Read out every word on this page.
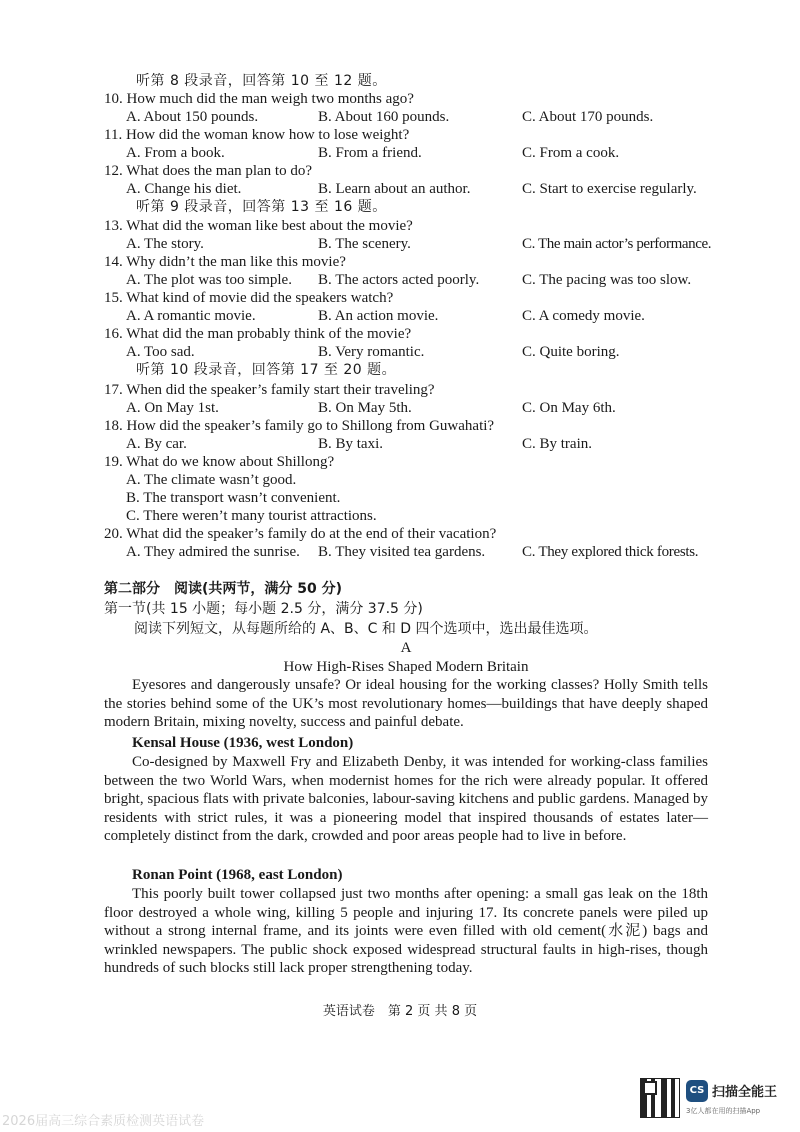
听第 8 段录音，回答第 10 至 12 题。
10. How much did the man weigh two months ago?
A. About 150 pounds.	B. About 160 pounds.	C. About 170 pounds.
11. How did the woman know how to lose weight?
A. From a book.	B. From a friend.	C. From a cook.
12. What does the man plan to do?
A. Change his diet.	B. Learn about an author.	C. Start to exercise regularly.
听第 9 段录音，回答第 13 至 16 题。
13. What did the woman like best about the movie?
A. The story.	B. The scenery.	C. The main actor’s performance.
14. Why didn’t the man like this movie?
A. The plot was too simple. B. The actors acted poorly.	C. The pacing was too slow.
15. What kind of movie did the speakers watch?
A. A romantic movie.	B. An action movie.	C. A comedy movie.
16. What did the man probably think of the movie?
A. Too sad.	B. Very romantic.	C. Quite boring.
听第 10 段录音，回答第 17 至 20 题。
17. When did the speaker’s family start their traveling?
A. On May 1st.	B. On May 5th.	C. On May 6th.
18. How did the speaker’s family go to Shillong from Guwahati?
A. By car.	B. By taxi.	C. By train.
19. What do we know about Shillong?
A. The climate wasn’t good.
B. The transport wasn’t convenient.
C. There weren’t many tourist attractions.
20. What did the speaker’s family do at the end of their vacation?
A. They admired the sunrise. B. They visited tea gardens. C. They explored thick forests.
第二部分　阅读(共两节，满分 50 分)
第一节(共 15 小题；每小题 2.5 分，满分 37.5 分)
阅读下列短文，从每题所给的 A、B、C 和 D 四个选项中，选出最佳选项。
A
How High-Rises Shaped Modern Britain

Eyesores and dangerously unsafe? Or ideal housing for the working classes? Holly Smith tells the stories behind some of the UK’s most revolutionary homes—buildings that have deeply shaped modern Britain, mixing novelty, success and painful debate.

Kensal House (1936, west London)

Co-designed by Maxwell Fry and Elizabeth Denby, it was intended for working-class families between the two World Wars, when modernist homes for the rich were already popular. It offered bright, spacious flats with private balconies, labour-saving kitchens and public gardens. Managed by residents with strict rules, it was a pioneering model that inspired thousands of estates later—completely distinct from the dark, crowded and poor areas people had to live in before.

Ronan Point (1968, east London)

This poorly built tower collapsed just two months after opening: a small gas leak on the 18th floor destroyed a whole wing, killing 5 people and injuring 17. Its concrete panels were piled up without a strong internal frame, and its joints were even filled with old cement(水泥) bags and wrinkled newspapers. The public shock exposed widespread structural faults in high-rises, though hundreds of such blocks still lack proper strengthening today.

英语试卷　第 2 页 共 8 页
2026届高三综合素质检测英语试卷
CS 扫描全能王
3亿人都在用的扫描App
